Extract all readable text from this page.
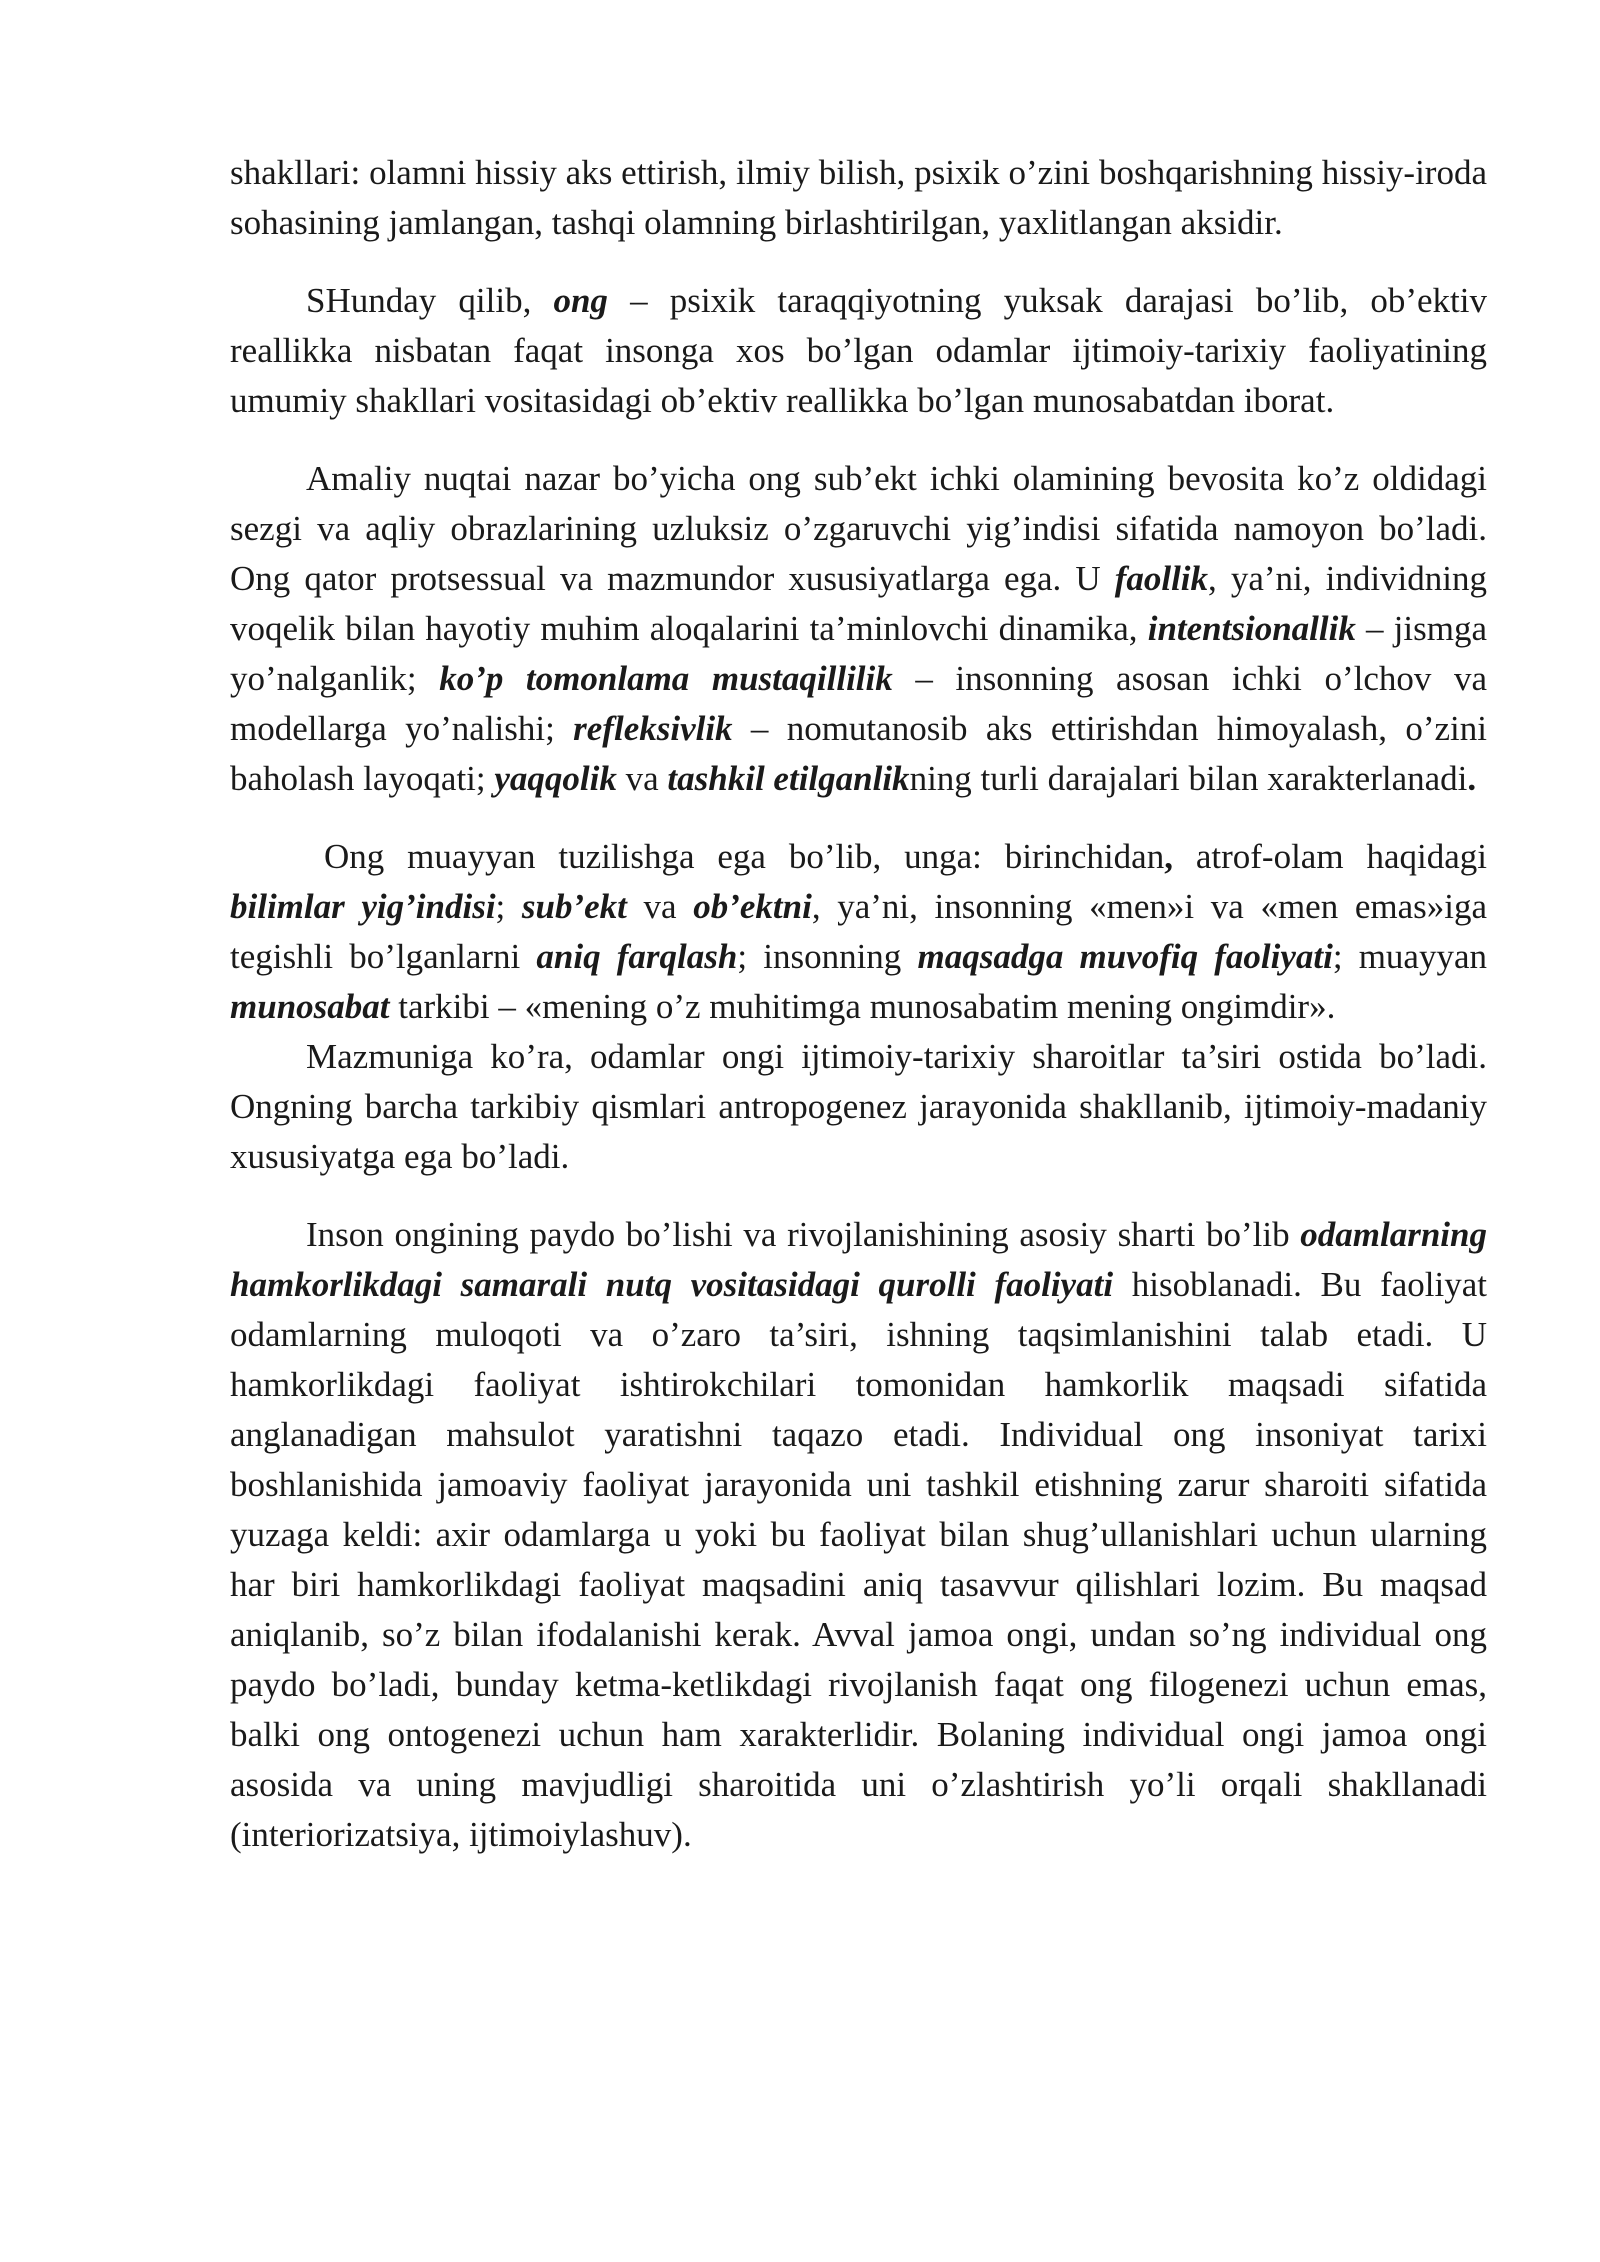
shakllari: olamni hissiy aks ettirish, ilmiy bilish, psixik o’zini boshqarishning hissiy-iroda sohasining jamlangan, tashqi olamning birlashtirilgan, yaxlitlangan aksidir.

SHunday qilib, ong – psixik taraqqiyotning yuksak darajasi bo’lib, ob’ektiv reallikka nisbatan faqat insonga xos bo’lgan odamlar ijtimoiy-tarixiy faoliyatining umumiy shakllari vositasidagi ob’ektiv reallikka bo’lgan munosabatdan iborat.

Amaliy nuqtai nazar bo’yicha ong sub’ekt ichki olamining bevosita ko’z oldidagi sezgi va aqliy obrazlarining uzluksiz o’zgaruvchi yig’indisi sifatida namoyon bo’ladi. Ong qator protsessual va mazmundor xususiyatlarga ega. U faollik, ya’ni, individning voqelik bilan hayotiy muhim aloqalarini ta’minlovchi dinamika, intentsionallik – jismga yo’nalganlik; ko’p tomonlama mustaqillilik – insonning asosan ichki o’lchov va modellarga yo’nalishi; refleksivlik – nomutanosib aks ettirishdan himoyalash, o’zini baholash layoqati; yaqqolik va tashkil etilganlikning turli darajalari bilan xarakterlanadi.

Ong muayyan tuzilishga ega bo’lib, unga: birinchidan, atrof-olam haqidagi bilimlar yig’indisi; sub’ekt va ob’ektni, ya’ni, insonning «men»i va «men emas»iga tegishli bo’lganlarni aniq farqlash; insonning maqsadga muvofiq faoliyati; muayyan munosabat tarkibi – «mening o’z muhitimga munosabatim mening ongimdir».

Mazmuniga ko’ra, odamlar ongi ijtimoiy-tarixiy sharoitlar ta’siri ostida bo’ladi. Ongning barcha tarkibiy qismlari antropogenez jarayonida shakllanib, ijtimoiy-madaniy xususiyatga ega bo’ladi.

Inson ongining paydo bo’lishi va rivojlanishining asosiy sharti bo’lib odamlarning hamkorlikdagi samarali nutq vositasidagi qurolli faoliyati hisoblanadi. Bu faoliyat odamlarning muloqoti va o’zaro ta’siri, ishning taqsimlanishini talab etadi. U hamkorlikdagi faoliyat ishtirokchilari tomonidan hamkorlik maqsadi sifatida anglanadigan mahsulot yaratishni taqazo etadi. Individual ong insoniyat tarixi boshlanishida jamoaviy faoliyat jarayonida uni tashkil etishning zarur sharoiti sifatida yuzaga keldi: axir odamlarga u yoki bu faoliyat bilan shug’ullanishlari uchun ularning har biri hamkorlikdagi faoliyat maqsadini aniq tasavvur qilishlari lozim. Bu maqsad aniqlanib, so’z bilan ifodalanishi kerak. Avval jamoa ongi, undan so’ng individual ong paydo bo’ladi, bunday ketma-ketlikdagi rivojlanish faqat ong filogenezi uchun emas, balki ong ontogenezi uchun ham xarakterlidir. Bolaning individual ongi jamoa ongi asosida va uning mavjudligi sharoitida uni o’zlashtirish yo’li orqali shakllanadi (interiorizatsiya, ijtimoiylashuv).
